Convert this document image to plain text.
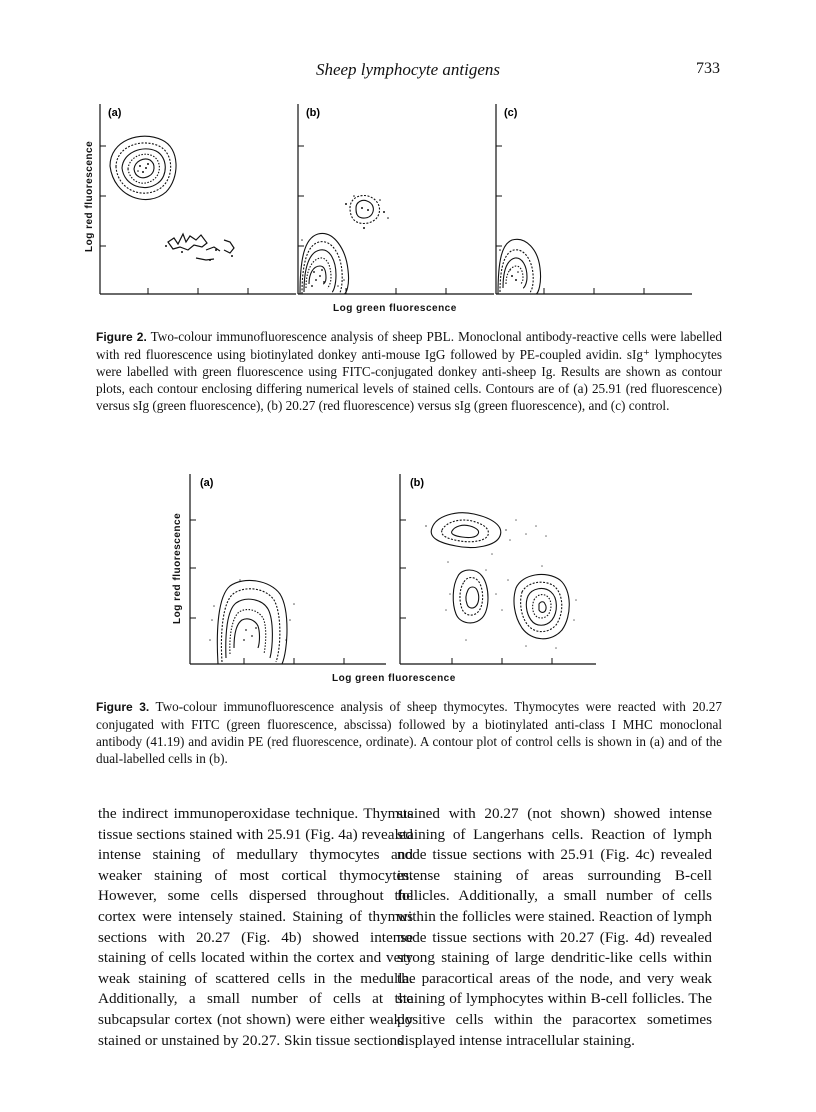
Sheep lymphocyte antigens	733
Log red fluorescence
(a)	(b)	(c)
Log green fluorescence
Figure 2. Two-colour immunofluorescence analysis of sheep PBL. Monoclonal antibody-reactive cells were labelled with red fluorescence using biotinylated donkey anti-mouse IgG followed by PE-coupled avidin. sIg⁺ lymphocytes were labelled with green fluorescence using FITC-conjugated donkey anti-sheep Ig. Results are shown as contour plots, each contour enclosing differing numerical levels of stained cells. Contours are of (a) 25.91 (red fluorescence) versus sIg (green fluorescence), (b) 20.27 (red fluorescence) versus sIg (green fluorescence), and (c) control.
Log red fluorescence
(a)	(b)
Log green fluorescence
Figure 3. Two-colour immunofluorescence analysis of sheep thymocytes. Thymocytes were reacted with 20.27 conjugated with FITC (green fluorescence, abscissa) followed by a biotinylated anti-class I MHC monoclonal antibody (41.19) and avidin PE (red fluorescence, ordinate). A contour plot of control cells is shown in (a) and of the dual-labelled cells in (b).
the indirect immunoperoxidase technique. Thymus tissue sections stained with 25.91 (Fig. 4a) revealed intense staining of medullary thymocytes and weaker staining of most cortical thymocytes. However, some cells dispersed throughout the cortex were intensely stained. Staining of thymus sections with 20.27 (Fig. 4b) showed intense staining of cells located within the cortex and very weak staining of scattered cells in the medulla. Additionally, a small number of cells at the subcapsular cortex (not shown) were either weakly stained or unstained by 20.27. Skin tissue sections
stained with 20.27 (not shown) showed intense staining of Langerhans cells. Reaction of lymph node tissue sections with 25.91 (Fig. 4c) revealed intense staining of areas surrounding B-cell follicles. Additionally, a small number of cells within the follicles were stained. Reaction of lymph node tissue sections with 20.27 (Fig. 4d) revealed strong staining of large dendritic-like cells within the paracortical areas of the node, and very weak staining of lymphocytes within B-cell follicles. The positive cells within the paracortex sometimes displayed intense intracellular staining.
